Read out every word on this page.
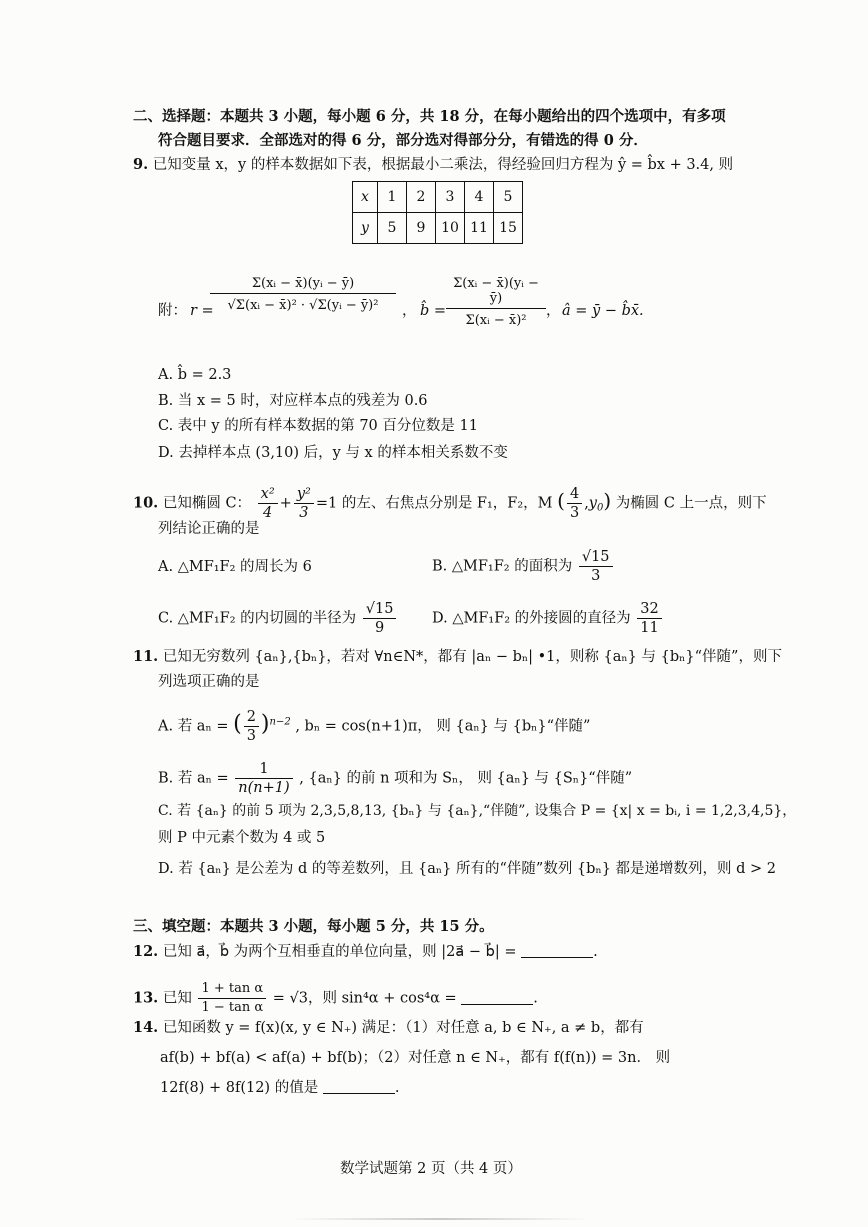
二、选择题：本题共 3 小题，每小题 6 分，共 18 分，在每小题给出的四个选项中，有多项
符合题目要求．全部选对的得 6 分，部分选对得部分分，有错选的得 0 分．
9. 已知变量 x，y 的样本数据如下表，根据最小二乘法，得经验回归方程为 ŷ = b̂x + 3.4, 则
x	1	2	3	4	5
y	5	9	10	11	15
附： r =
$\frac{\text{Σ(xᵢ − x̄)(yᵢ − ȳ)}}{\text{√Σ(xᵢ − x̄)² · √Σ(yᵢ − ȳ)²}}$ ， b̂ = $\frac{\text{Σ(xᵢ − x̄)(yᵢ − ȳ)}}{\text{Σ(xᵢ − x̄)²}}$ ， â = ȳ − b̂x̄.
A. b̂ = 2.3
B. 当 x = 5 时，对应样本点的残差为 0.6
C. 表中 y 的所有样本数据的第 70 百分位数是 11
D. 去掉样本点 (3,10) 后，y 与 x 的样本相关系数不变
10. 已知椭圆 C： $\frac{\text{x²}}{4} + \frac{\text{y²}}{3} =1$ 的左、右焦点分别是 F₁，F₂，M ( $\frac{4}{3} ,y_0$) 为椭圆 C 上一点，则下
列结论正确的是
A. △MF₁F₂ 的周长为 6	B. △MF₁F₂ 的面积为 $\frac{√15}{3}$
C. △MF₁F₂ 的内切圆的半径为 $\frac{√15}{9} D$. △MF₁F₂ 的外接圆的直径为 $\frac{32}{11}$
11. 已知无穷数列 {aₙ},{bₙ}，若对 ∀n∈N*，都有 |aₙ − bₙ| •1，则称 {aₙ} 与 {bₙ}“伴随”，则下
列选项正确的是
A. 若 aₙ = ( $\frac{2}{3} )^{n-2}$ , bₙ = cos(n+1)π， 则 {aₙ} 与 {bₙ}“伴随”
B. 若 $a_n = \frac{1}{n(n+1)}$ , {aₙ} 的前 n 项和为 Sₙ， 则 {aₙ} 与 {Sₙ}“伴随”
C. 若 {aₙ} 的前 5 项为 2,3,5,8,13, {bₙ} 与 {aₙ},“伴随”, 设集合 P = {x| x = bᵢ, i = 1,2,3,4,5}，
则 P 中元素个数为 4 或 5
D. 若 {aₙ} 是公差为 d 的等差数列，且 {aₙ} 所有的“伴随”数列 {bₙ} 都是递增数列，则 d > 2
三、填空题：本题共 3 小题，每小题 5 分，共 15 分。
12. 已知 a⃗，b⃗ 为两个互相垂直的单位向量，则 |2a⃗ − b⃗| =	.
13. 已知 $\frac{\text{1 + tan α}}{\text{1 − tan α}} = √3$，则 sin⁴α + cos⁴α =	.
14. 已知函数 y = f(x)(x, y ∈ N₊) 满足：（1）对任意 a, b ∈ N₊, a ≠ b，都有
af(b) + bf(a) < af(a) + bf(b)；（2）对任意 n ∈ N₊，都有 f(f(n)) = 3n． 则
12f(8) + 8f(12) 的值是	.
数学试题第 2 页（共 4 页）
